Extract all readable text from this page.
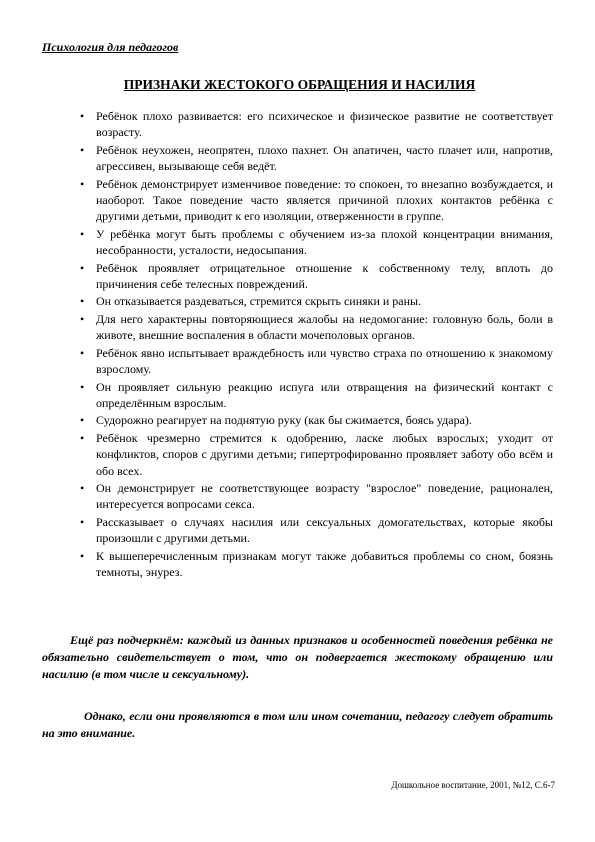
Психология для педагогов
ПРИЗНАКИ ЖЕСТОКОГО ОБРАЩЕНИЯ И НАСИЛИЯ
• Ребёнок плохо развивается: его психическое и физическое развитие не соответствует возрасту.
• Ребёнок неухожен, неопрятен, плохо пахнет. Он апатичен, часто плачет или, напротив, агрессивен, вызывающе себя ведёт.
• Ребёнок демонстрирует изменчивое поведение: то спокоен, то внезапно возбуждается, и наоборот. Такое поведение часто является причиной плохих контактов ребёнка с другими детьми, приводит к его изоляции, отверженности в группе.
• У ребёнка могут быть проблемы с обучением из-за плохой концентрации внимания, несобранности, усталости, недосыпания.
• Ребёнок проявляет отрицательное отношение к собственному телу, вплоть до причинения себе телесных повреждений.
• Он отказывается раздеваться, стремится скрыть синяки и раны.
• Для него характерны повторяющиеся жалобы на недомогание: головную боль, боли в животе, внешние воспаления в области мочеполовых органов.
• Ребёнок явно испытывает враждебность или чувство страха по отношению к знакомому взрослому.
• Он проявляет сильную реакцию испуга или отвращения на физический контакт с определённым взрослым.
• Судорожно реагирует на поднятую руку (как бы сжимается, боясь удара).
• Ребёнок чрезмерно стремится к одобрению, ласке любых взрослых; уходит от конфликтов, споров с другими детьми; гипертрофированно проявляет заботу обо всём и обо всех.
• Он демонстрирует не соответствующее возрасту "взрослое" поведение, рационален, интересуется вопросами секса.
• Рассказывает о случаях насилия или сексуальных домогательствах, которые якобы произошли с другими детьми.
• К вышеперечисленным признакам могут также добавиться проблемы со сном, боязнь темноты, энурез.
Ещё раз подчеркнём: каждый из данных признаков и особенностей поведения ребёнка не обязательно свидетельствует о том, что он подвергается жестокому обращению или насилию (в том числе и сексуальному).
Однако, если они проявляются в том или ином сочетании, педагогу следует обратить на это внимание.
Дошкольное воспитание, 2001, №12, С.6-7
